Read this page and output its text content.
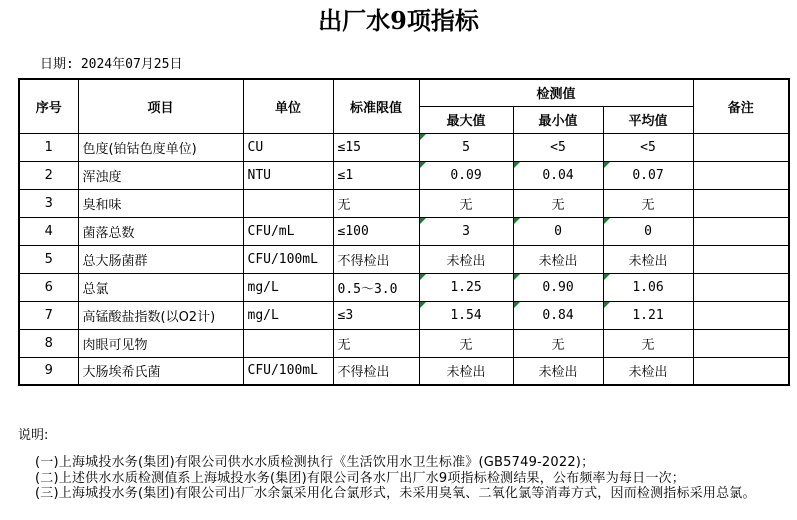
出厂水9项指标
日期: 2024年07月25日
序号	项目	单位	标准限值	检测值			备注
				最大值	最小值	平均值	
1	色度(铂钴色度单位)	CU	≤15	5	<5	<5	
2	浑浊度	NTU	≤1	0.09	0.04	0.07	
3	臭和味		无	无	无	无	
4	菌落总数	CFU/mL	≤100	3	0	0	
5	总大肠菌群	CFU/100mL	不得检出	未检出	未检出	未检出	
6	总氯	mg/L	0.5～3.0	1.25	0.90	1.06	
7	高锰酸盐指数(以O2计)	mg/L	≤3	1.54	0.84	1.21	
8	肉眼可见物		无	无	无	无	
9	大肠埃希氏菌	CFU/100mL	不得检出	未检出	未检出	未检出	
说明:
(一)上海城投水务(集团)有限公司供水水质检测执行《生活饮用水卫生标准》(GB5749-2022)；
(二)上述供水水质检测值系上海城投水务(集团)有限公司各水厂出厂水9项指标检测结果，公布频率为每日一次；
(三)上海城投水务(集团)有限公司出厂水余氯采用化合氯形式，未采用臭氧、二氧化氯等消毒方式，因而检测指标采用总氯。
